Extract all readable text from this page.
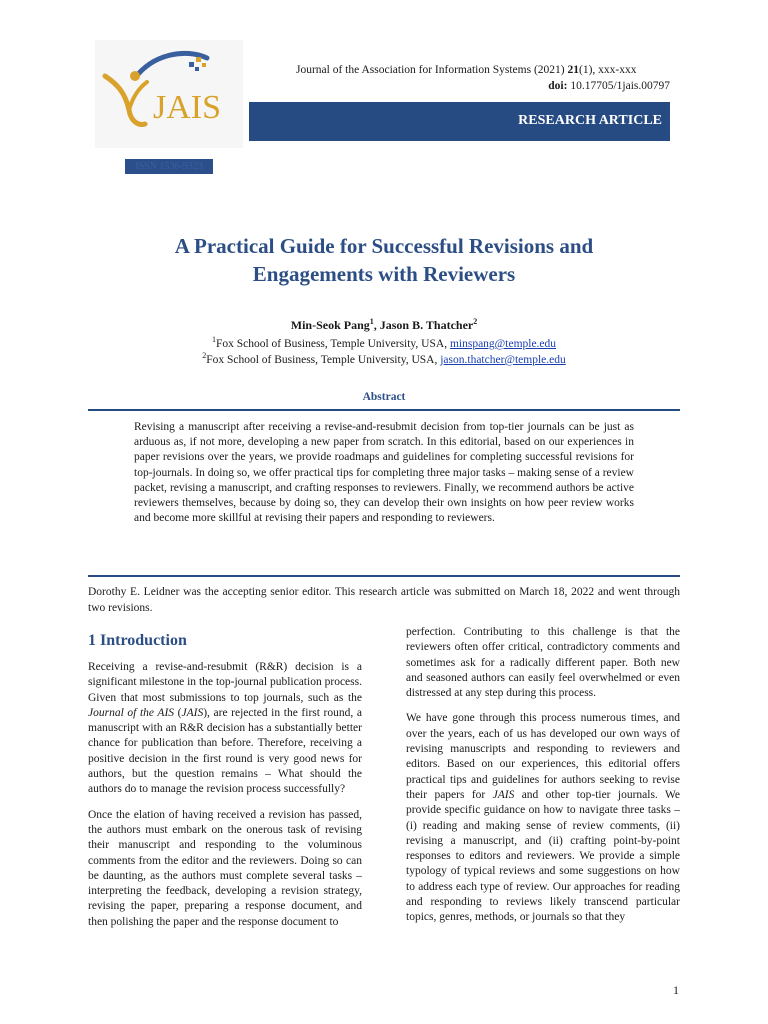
JAIS
ISSN 1536-9323
Journal of the Association for Information Systems (2021) 21(1), xxx-xxx
doi: 10.17705/1jais.00797
RESEARCH ARTICLE
A Practical Guide for Successful Revisions and
Engagements with Reviewers
Min-Seok Pang$^1$, Jason B. Thatcher$^2$
$^1$Fox School of Business, Temple University, USA, minspang@temple.edu
$^2$Fox School of Business, Temple University, USA, jason.thatcher@temple.edu
Abstract
Revising a manuscript after receiving a revise-and-resubmit decision from top-tier journals can be just as arduous as, if not more, developing a new paper from scratch. In this editorial, based on our experiences in paper revisions over the years, we provide roadmaps and guidelines for completing successful revisions for top-journals. In doing so, we offer practical tips for completing three major tasks – making sense of a review packet, revising a manuscript, and crafting responses to reviewers. Finally, we recommend authors be active reviewers themselves, because by doing so, they can develop their own insights on how peer review works and become more skillful at revising their papers and responding to reviewers.
Dorothy E. Leidner was the accepting senior editor. This research article was submitted on March 18, 2022 and went through two revisions.
1 Introduction

Receiving a revise-and-resubmit (R&R) decision is a significant milestone in the top-journal publication process. Given that most submissions to top journals, such as the Journal of the AIS (JAIS), are rejected in the first round, a manuscript with an R&R decision has a substantially better chance for publication than before. Therefore, receiving a positive decision in the first round is very good news for authors, but the question remains – What should the authors do to manage the revision process successfully?

Once the elation of having received a revision has passed, the authors must embark on the onerous task of revising their manuscript and responding to the voluminous comments from the editor and the reviewers. Doing so can be daunting, as the authors must complete several tasks – interpreting the feedback, developing a revision strategy, revising the paper, preparing a response document, and then polishing the paper and the response document to

perfection. Contributing to this challenge is that the reviewers often offer critical, contradictory comments and sometimes ask for a radically different paper. Both new and seasoned authors can easily feel overwhelmed or even distressed at any step during this process.

We have gone through this process numerous times, and over the years, each of us has developed our own ways of revising manuscripts and responding to reviewers and editors. Based on our experiences, this editorial offers practical tips and guidelines for authors seeking to revise their papers for JAIS and other top-tier journals. We provide specific guidance on how to navigate three tasks – (i) reading and making sense of review comments, (ii) revising a manuscript, and (ii) crafting point-by-point responses to editors and reviewers. We provide a simple typology of typical reviews and some suggestions on how to address each type of review. Our approaches for reading and responding to reviews likely transcend particular topics, genres, methods, or journals so that they

1
